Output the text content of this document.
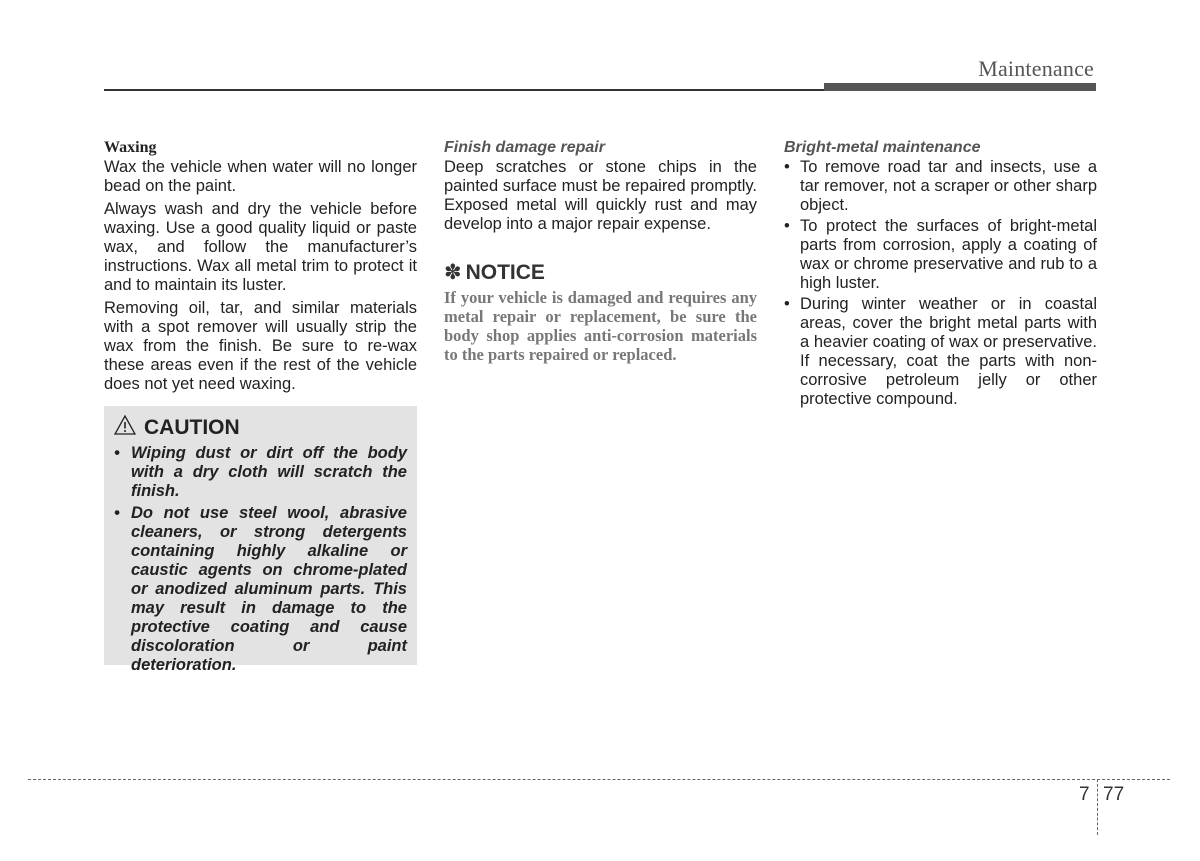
Maintenance
Waxing

Wax the vehicle when water will no longer bead on the paint.

Always wash and dry the vehicle before waxing. Use a good quality liquid or paste wax, and follow the manufacturer’s instructions. Wax all metal trim to protect it and to maintain its luster.

Removing oil, tar, and similar materials with a spot remover will usually strip the wax from the finish. Be sure to re-wax these areas even if the rest of the vehicle does not yet need waxing.

CAUTION
• Wiping dust or dirt off the body with a dry cloth will scratch the finish.
• Do not use steel wool, abrasive cleaners, or strong detergents containing highly alkaline or caustic agents on chrome-plated or anodized aluminum parts. This may result in damage to the protective coating and cause discoloration or paint deterioration.
Finish damage repair

Deep scratches or stone chips in the painted surface must be repaired promptly. Exposed metal will quickly rust and may develop into a major repair expense.

✽ NOTICE
If your vehicle is damaged and requires any metal repair or replacement, be sure the body shop applies anti-corrosion materials to the parts repaired or replaced.
Bright-metal maintenance
• To remove road tar and insects, use a tar remover, not a scraper or other sharp object.
• To protect the surfaces of bright-metal parts from corrosion, apply a coating of wax or chrome preservative and rub to a high luster.
• During winter weather or in coastal areas, cover the bright metal parts with a heavier coating of wax or preservative. If necessary, coat the parts with non-corrosive petroleum jelly or other protective compound.
7 77
